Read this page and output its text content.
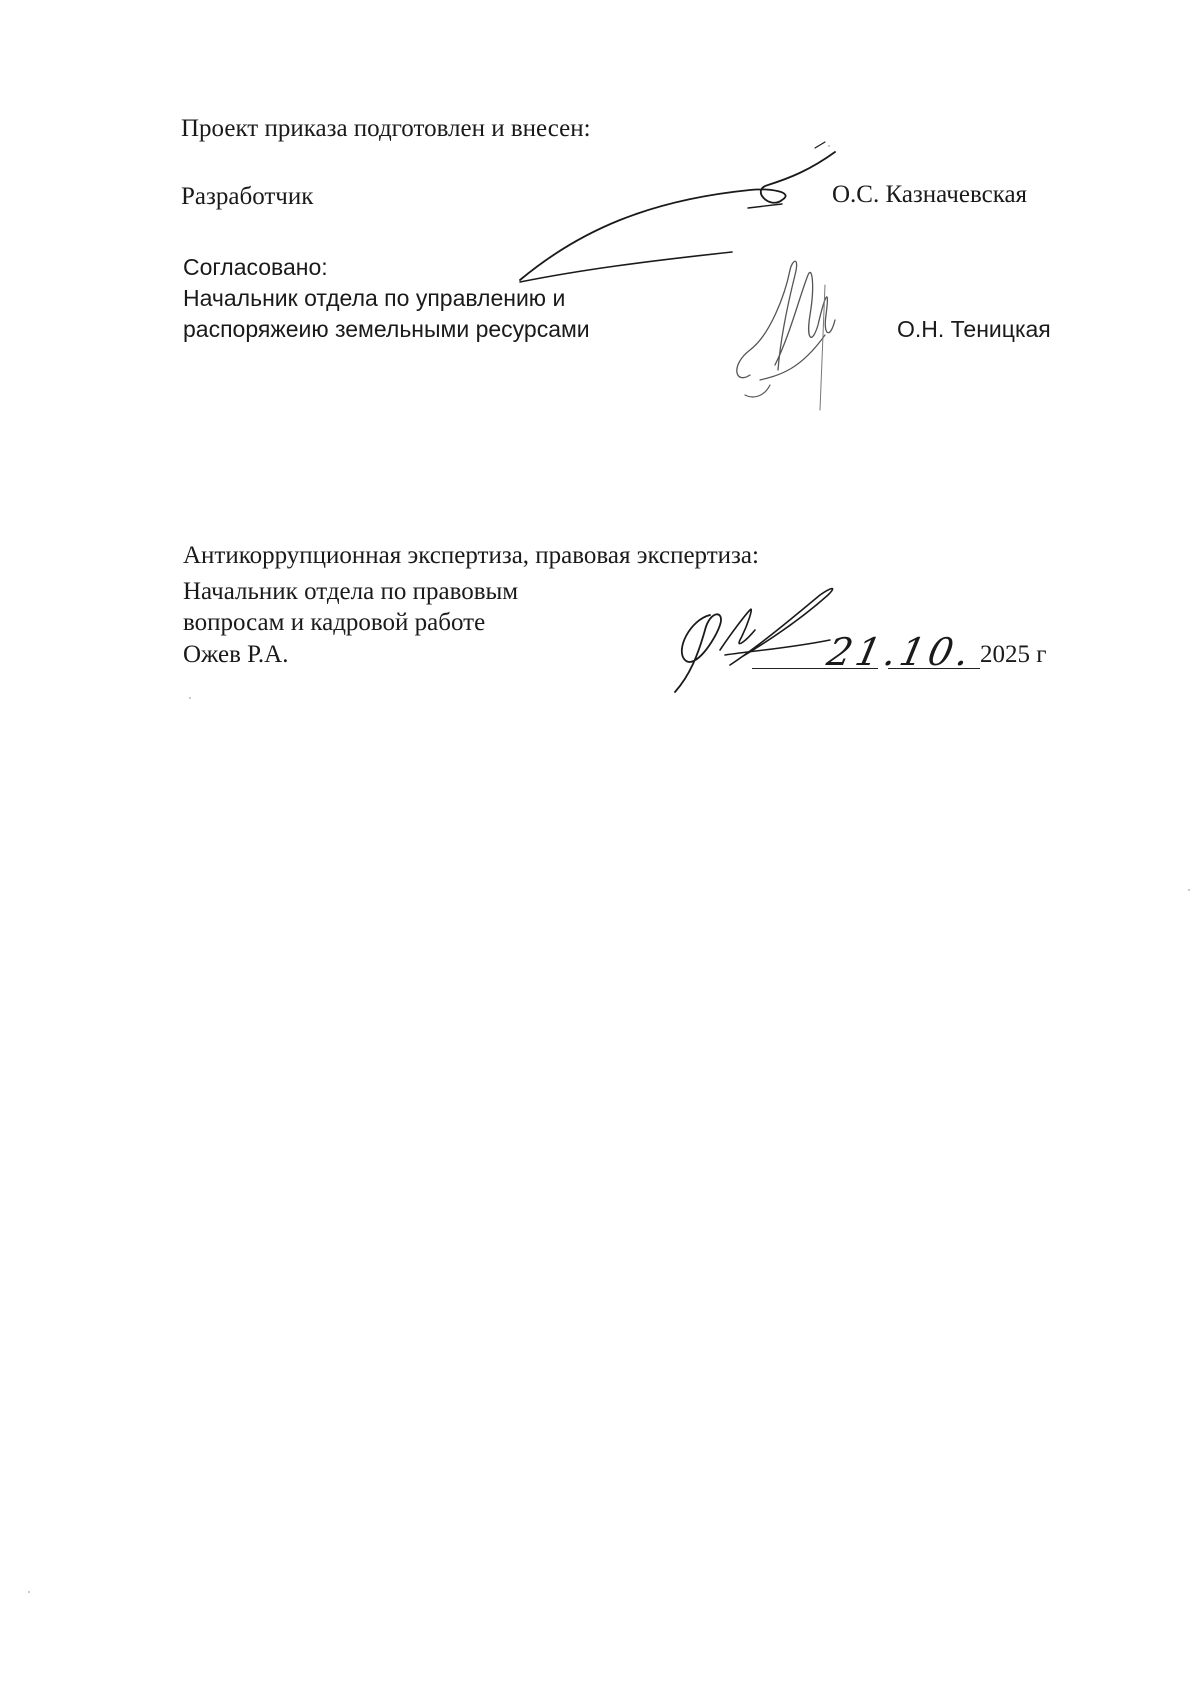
Проект приказа подготовлен и внесен:
Разработчик	О.С. Казначевская
Согласовано:
Начальник отдела по управлению и
распоряжеию земельными ресурсами	О.Н. Теницкая
Антикоррупционная экспертиза, правовая экспертиза:
Начальник отдела по правовым
вопросам и кадровой работе
Ожев Р.А.	21.10. 2025 г
